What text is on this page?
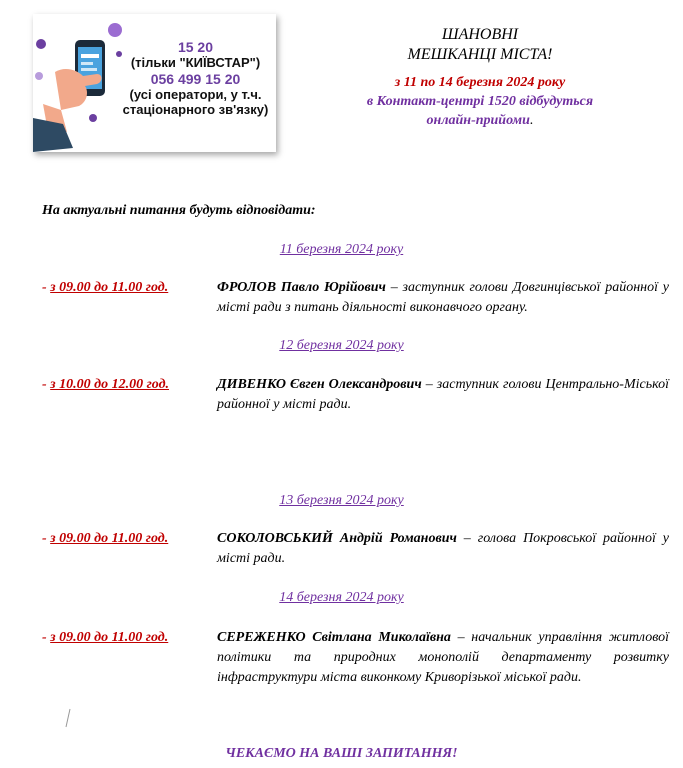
15 20
(тільки "КИЇВСТАР")
056 499 15 20
(усі оператори, у т.ч.
стаціонарного зв'язку)
ШАНОВНІ
МЕШКАНЦІ МІСТА!
з 11 по 14 березня 2024 року
в Контакт-центрі 1520 відбудуться
онлайн-прийоми.
На актуальні питання будуть відповідати:
11 березня 2024 року
- з 09.00 до 11.00 год.	ФРОЛОВ Павло Юрійович – заступник голови Довгинцівської районної у місті ради з питань діяльності виконавчого органу.
12 березня 2024 року
- з 10.00 до 12.00 год.	ДИВЕНКО Євген Олександрович – заступник голови Центрально-Міської районної у місті ради.
13 березня 2024 року
- з 09.00 до 11.00 год.	СОКОЛОВСЬКИЙ Андрій Романович – голова Покровської районної у місті ради.
14 березня 2024 року
- з 09.00 до 11.00 год.	СЕРЕЖЕНКО Світлана Миколаївна – начальник управління житлової політики та природних монополій департаменту розвитку інфраструктури міста виконкому Криворізької міської ради.
ЧЕКАЄМО НА ВАШІ ЗАПИТАННЯ!
